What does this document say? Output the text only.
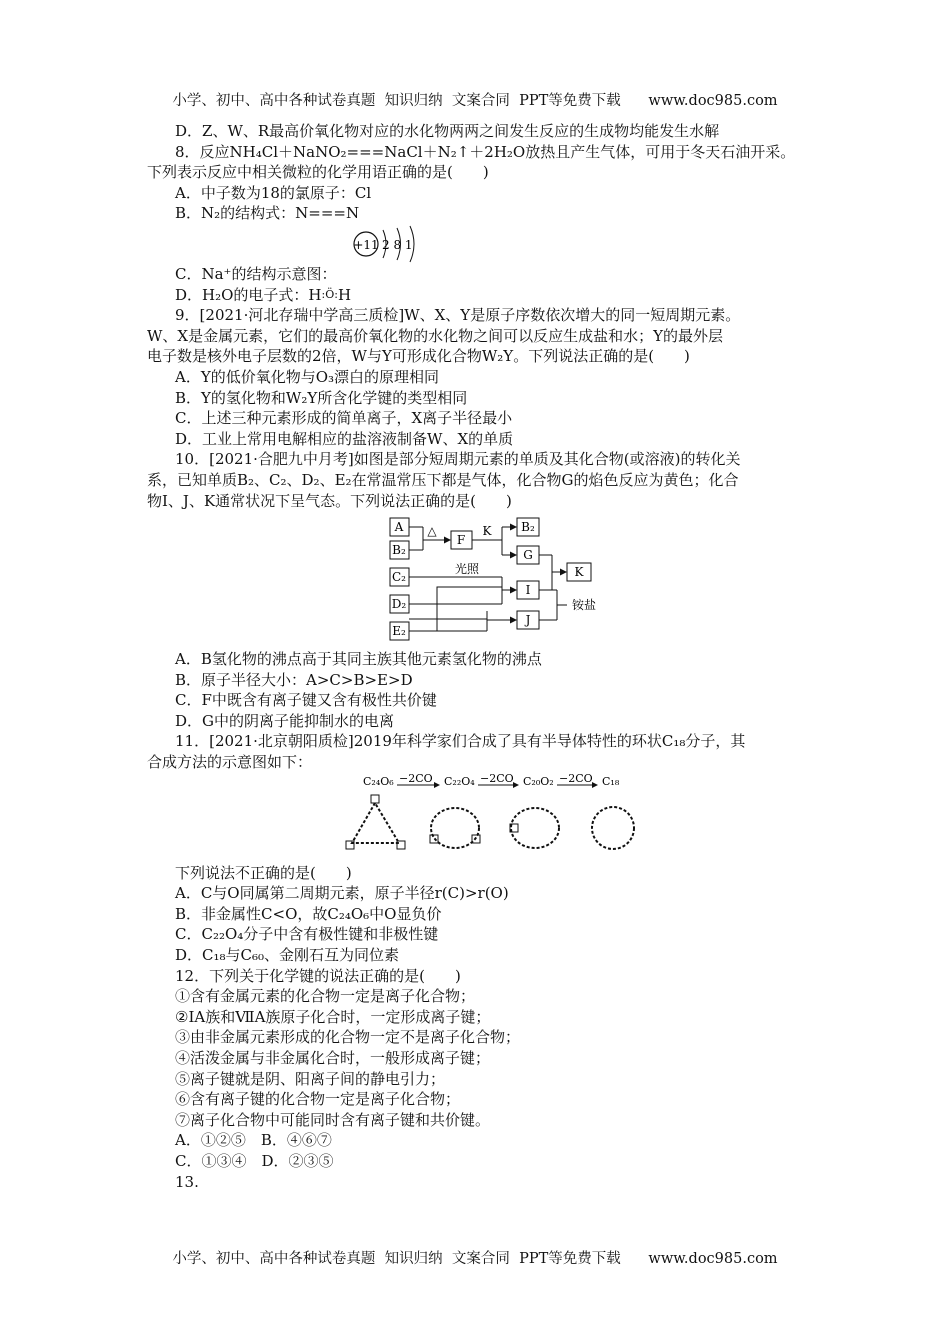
小学、初中、高中各种试卷真题  知识归纳  文案合同  PPT等免费下载      www.doc985.com
D．Z、W、R最高价氧化物对应的水化物两两之间发生反应的生成物均能发生水解
8．反应NH₄Cl＋NaNO₂===NaCl＋N₂↑＋2H₂O放热且产生气体，可用于冬天石油开采。
下列表示反应中相关微粒的化学用语正确的是(　　)
A．中子数为18的氯原子：Cl
B．N₂的结构式：N===N
+11 2 8 1
C．Na⁺的结构示意图：
D．H₂O的电子式：H:Ö:H
9．[2021·河北存瑞中学高三质检]W、X、Y是原子序数依次增大的同一短周期元素。
W、X是金属元素，它们的最高价氧化物的水化物之间可以反应生成盐和水；Y的最外层
电子数是核外电子层数的2倍，W与Y可形成化合物W₂Y。下列说法正确的是(　　)
A．Y的低价氧化物与O₃漂白的原理相同
B．Y的氢化物和W₂Y所含化学键的类型相同
C．上述三种元素形成的简单离子，X离子半径最小
D．工业上常用电解相应的盐溶液制备W、X的单质
10．[2021·合肥九中月考]如图是部分短周期元素的单质及其化合物(或溶液)的转化关
系，已知单质B₂、C₂、D₂、E₂在常温常压下都是气体，化合物G的焰色反应为黄色；化合
物I、J、K通常状况下呈气态。下列说法正确的是(　　)
A
B₂
C₂
D₂
E₂
F
B₂
G
I
J
K
△	K
光照
铵盐
A．B氢化物的沸点高于其同主族其他元素氢化物的沸点
B．原子半径大小：A>C>B>E>D
C．F中既含有离子键又含有极性共价键
D．G中的阴离子能抑制水的电离
11．[2021·北京朝阳质检]2019年科学家们合成了具有半导体特性的环状C₁₈分子，其
合成方法的示意图如下：
C₂₄O₆ −2CO C₂₂O₄ −2CO C₂₀O₂ −2CO C₁₈
下列说法不正确的是(　　)
A．C与O同属第二周期元素，原子半径r(C)>r(O)
B．非金属性C<O，故C₂₄O₆中O显负价
C．C₂₂O₄分子中含有极性键和非极性键
D．C₁₈与C₆₀、金刚石互为同位素
12．下列关于化学键的说法正确的是(　　)
①含有金属元素的化合物一定是离子化合物；
②ⅠA族和ⅦA族原子化合时，一定形成离子键；
③由非金属元素形成的化合物一定不是离子化合物；
④活泼金属与非金属化合时，一般形成离子键；
⑤离子键就是阴、阳离子间的静电引力；
⑥含有离子键的化合物一定是离子化合物；
⑦离子化合物中可能同时含有离子键和共价键。
A．①②⑤　B．④⑥⑦
C．①③④　D．②③⑤
13.
小学、初中、高中各种试卷真题  知识归纳  文案合同  PPT等免费下载      www.doc985.com
